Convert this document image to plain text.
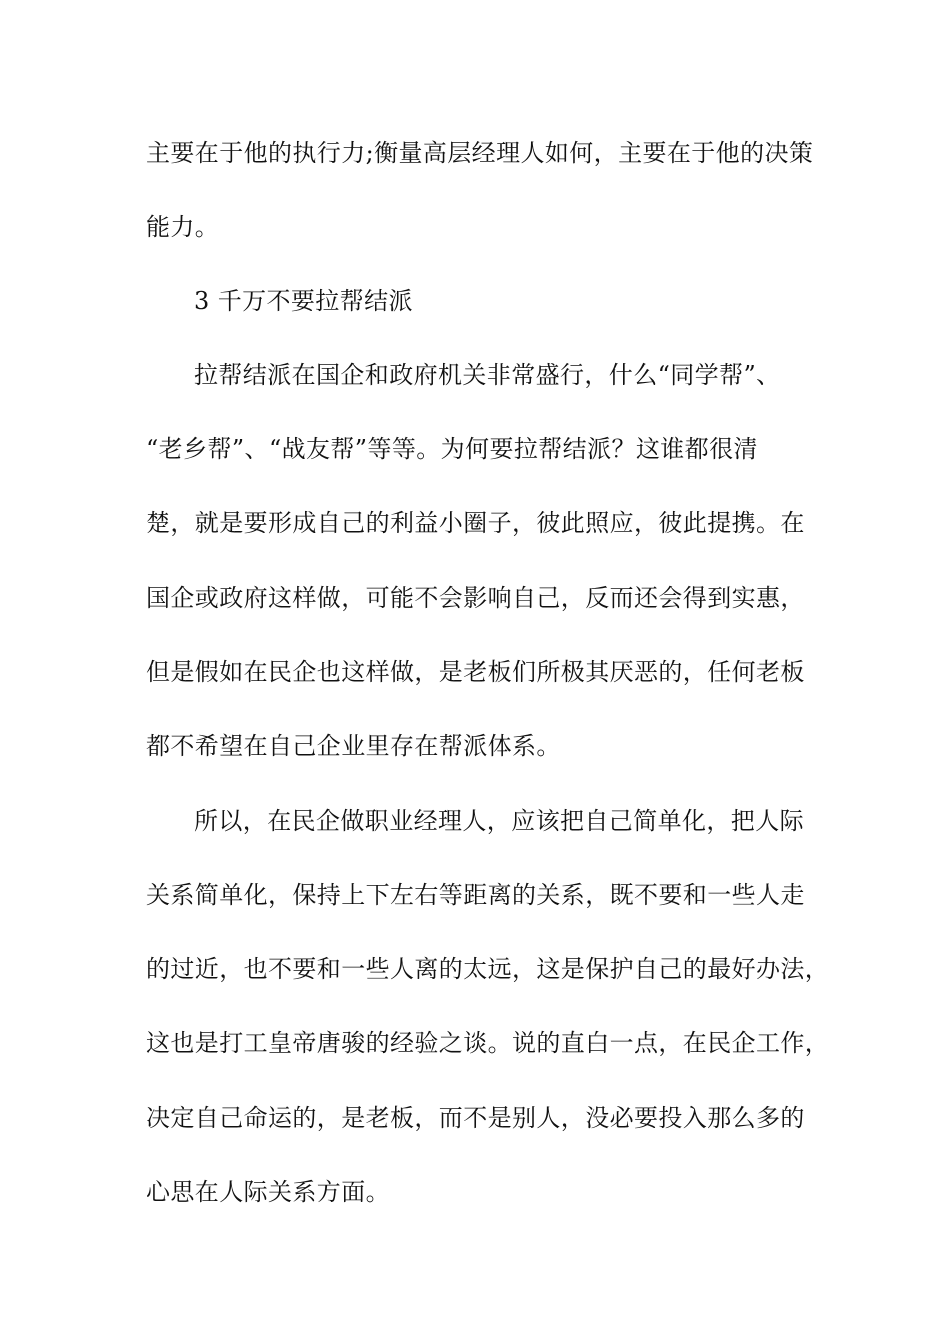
主要在于他的执行力;衡量高层经理人如何，主要在于他的决策
能力。
3 千万不要拉帮结派
拉帮结派在国企和政府机关非常盛行，什么“同学帮”、
“老乡帮”、“战友帮”等等。为何要拉帮结派？这谁都很清
楚，就是要形成自己的利益小圈子，彼此照应，彼此提携。在
国企或政府这样做，可能不会影响自己，反而还会得到实惠，
但是假如在民企也这样做，是老板们所极其厌恶的，任何老板
都不希望在自己企业里存在帮派体系。
所以，在民企做职业经理人，应该把自己简单化，把人际
关系简单化，保持上下左右等距离的关系，既不要和一些人走
的过近，也不要和一些人离的太远，这是保护自己的最好办法，
这也是打工皇帝唐骏的经验之谈。说的直白一点，在民企工作，
决定自己命运的，是老板，而不是别人，没必要投入那么多的
心思在人际关系方面。
